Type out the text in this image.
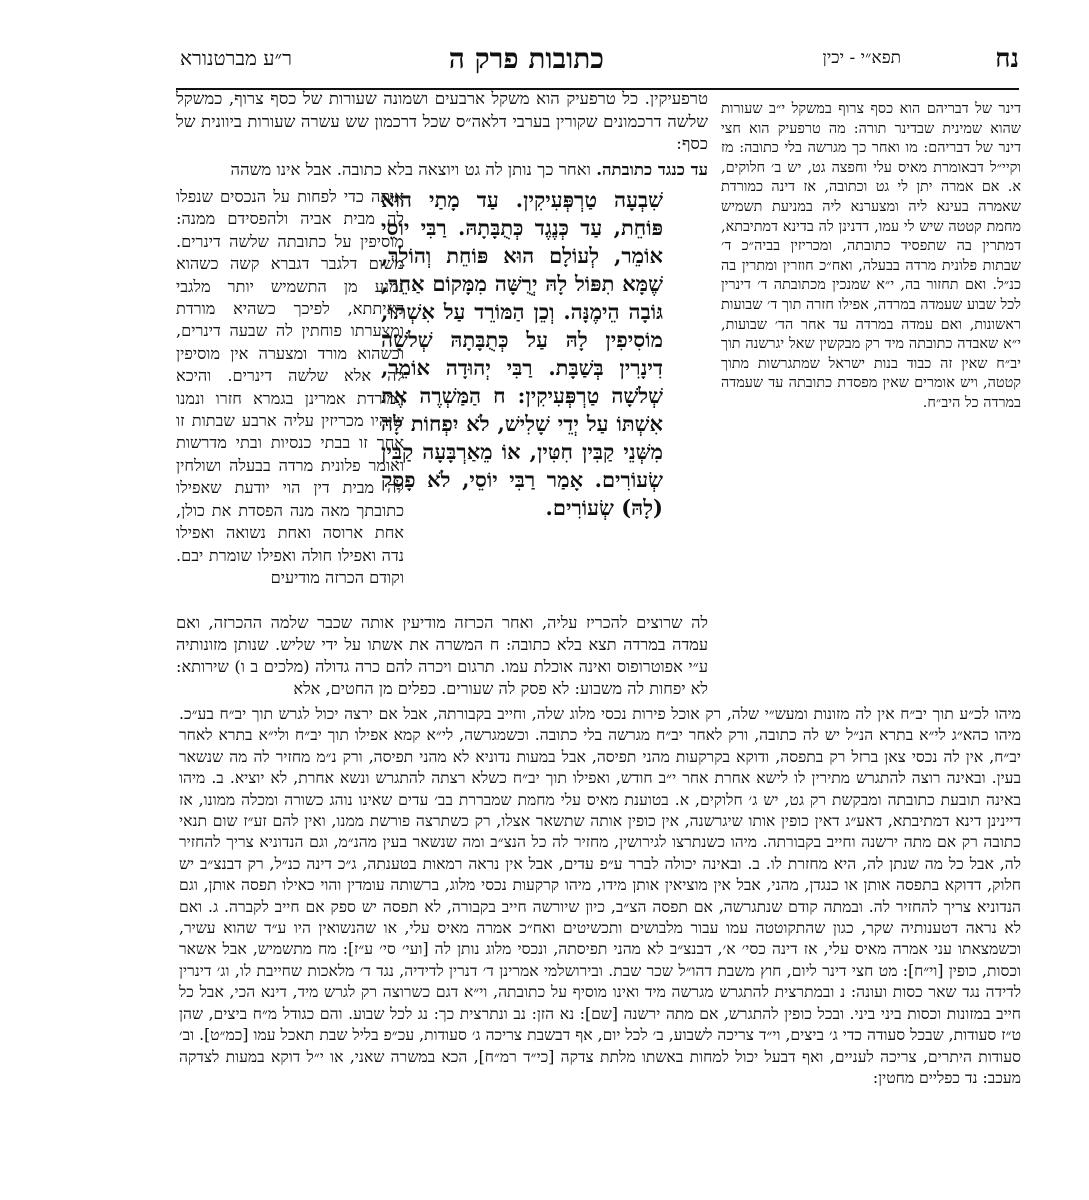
נח
תפא״י - יכין
כתובות פרק ה
ר״ע מברטנורא
דינר של דבריהם הוא כסף צרוף במשקל י״ב שעורות שהוא שמינית שבדינר תורה: מה טרפעיק הוא חצי דינר של דבריהם: מו ואחר כך מגרשה בלי כתובה: מז וקיי״ל דבאומרת מאיס עלי וחפצה גט, יש ב׳ חלוקים, א. אם אמרה יתן לי גט וכתובה, אז דינה כמורדת שאמרה בעינא ליה ומצערנא ליה במניעת תשמיש מחמת קטטה שיש לי עמו, דדנינן לה בדינא דמתיבתא, דמתרין בה שתפסיד כתובתה, ומכריזין בביה״כ ד׳ שבתות פלונית מרדה בבעלה, ואח״כ חוזרין ומתרין בה כנ״ל. ואם תחזור בה, י״א שמנכין מכתובתה ד׳ דינרין לכל שבוע שעמדה במרדה, אפילו חזרה תוך ד׳ שבועות ראשונות, ואם עמדה במרדה עד אחר הד׳ שבועות, י״א שאבדה כתובתה מיד רק מבקשין שאל יגרשנה תוך יב״ח שאין זה כבוד בנות ישראל שמתגרשות מתוך קטטה, ויש אומרים שאין מפסדת כתובתה עד שעמדה במרדה כל היב״ח.
שִׁבְעָה טַרְפְּעִיקִין. עַד מָתַי הוּא פּוֹחֵת, עַד כְּנֶגֶד כְּתֻבָּתָהּ. רַבִּי יוֹסֵי אוֹמֵר, לְעוֹלָם הוּא פּוֹחֵת וְהוֹלֵךְ, שֶׁמָּא תִפּוֹל לָהּ יְרֻשָּׁה מִמָּקוֹם אַחֵר, גּוֹבָה הֵימֶנָּה. וְכֵן הַמּוֹרֵד עַל אִשְׁתּוֹ, מוֹסִיפִין לָהּ עַל כְּתֻבָּתָהּ שְׁלֹשָׁה דִינָרִין בְּשַׁבָּת. רַבִּי יְהוּדָה אוֹמֵר, שְׁלֹשָׁה טַרְפְּעִיקִין: ח הַמַּשְׁרֶה אֶת אִשְׁתּוֹ עַל יְדֵי שָׁלִישׁ, לֹא יִפְחוֹת לָהּ מִשְּׁנֵי קַבִּין חִטִּין, אוֹ מֵאַרְבָּעָה קַבִּין שְׂעוֹרִים. אָמַר רַבִּי יוֹסֵי, לֹא פָסַק (לָהּ) שְׂעוֹרִים.
טרפעיקין. כל טרפעיק הוא משקל ארבעים ושמונה שעורות של כסף צרוף, כמשקל שלשה דרכמונים שקורין בערבי דלאה״ס שכל דרכמון שש עשרה שעורות ביוונית של כסף:
עד כנגד כתובתה. ואחר כך נותן לה גט ויוצאה בלא כתובה. אבל אינו משהה
אותה כדי לפחות על הנכסים שנפלו לה מבית אביה ולהפסידם ממנה: מוסיפין על כתובתה שלשה דינרים. משום דלגבר דגברא קשה כשהוא נמנע מן התשמיש יותר מלגבי דאיתתא, לפיכך כשהיא מורדת ומצערתו פוחתין לה שבעה דינרים, וכשהוא מורד ומצערה אין מוסיפין לה אלא שלשה דינרים. והיכא דמורדת אמרינן בגמרא חזרו ונמנו שיהיו מכריזין עליה ארבע שבתות זו אחר זו בבתי כנסיות ובתי מדרשות ואומר פלונית מרדה בבעלה ושולחין לה מבית דין הוי יודעת שאפילו כתובתך מאה מנה הפסדת את כולן, אחת ארוסה ואחת נשואה ואפילו נדה ואפילו חולה ואפילו שומרת יבם. וקודם הכרזה מודיעים
לה שרוצים להכריז עליה, ואחר הכרזה מודיעין אותה שכבר שלמה ההכרזה, ואם עמדה במרדה תצא בלא כתובה: ח המשרה את אשתו על ידי שליש. שנותן מזונותיה ע״י אפוטרופוס ואינה אוכלת עמו. תרגום ויכרה להם כרה גדולה (מלכים ב ו) שירותא: לא יפחות לה משבוע: לא פסק לה שעורים. כפלים מן החטים, אלא
מיהו לכ״ע תוך יב״ח אין לה מזונות ומעש״י שלה, רק אוכל פירות נכסי מלוג שלה, וחייב בקבורתה, אבל אם ירצה יכול לגרש תוך יב״ח בע״כ. מיהו כהא״ג לי״א בתרא הנ״ל יש לה כתובה, ורק לאחר יב״ח מגרשה בלי כתובה. וכשמגרשה, לי״א קמא אפילו תוך יב״ח ולי״א בתרא לאחר יב״ח, אין לה נכסי צאן ברזל רק בתפסה, ודוקא בקרקעות מהני תפיסה, אבל במעות נדוניא לא מהני תפיסה, ורק נ״מ מחזיר לה מה שנשאר בעין. ובאינה רוצה להתגרש מתירין לו לישא אחרת אחר י״ב חודש, ואפילו תוך יב״ח כשלא רצתה להתגרש ונשא אחרת, לא יוציא. ב. מיהו באינה תובעת כתובתה ומבקשת רק גט, יש ג׳ חלוקים, א. בטוענת מאיס עלי מחמת שמבררת בב׳ עדים שאינו נוהג כשורה ומכלה ממונו, אז דיינינן דינא דמתיבתא, דאע״ג דאין כופין אותו שיגרשנה, אין כופין אותה שתשאר אצלו, רק כשתרצה פורשת ממנו, ואין להם זע״ז שום תנאי כתובה רק אם מתה ירשנה וחייב בקבורתה. מיהו כשנתרצו לגירושין, מחזיר לה כל הנצ״ב ומה שנשאר בעין מהנ״מ, וגם הנדוניא צריך להחזיר לה, אבל כל מה שנתן לה, היא מחזרת לו. ב. ובאינה יכולה לברר ע״פ עדים, אבל אין נראה רמאות בטענתה, ג״כ דינה כנ״ל, רק דבנצ״ב יש חלוק, דדוקא בתפסה אותן או כנגדן, מהני, אבל אין מוציאין אותן מידו, מיהו קרקעות נכסי מלוג, ברשותה עומדין והוי כאילו תפסה אותן, וגם הנדוניא צריך להחזיר לה. ובמתה קודם שנתגרשה, אם תפסה הצ״ב, כיון שיורשה חייב בקבורה, לא תפסה יש ספק אם חייב לקברה. ג. ואם לא נראה דטענותיה שקר, כגון שהתקוטטה עמו עבור מלבושים ותכשיטים ואח״כ אמרה מאיס עלי, או שהנשואין היו ע״ד שהוא עשיר, וכשמצאתו עני אמרה מאיס עלי, אז דינה כסי׳ א׳, דבנצ״ב לא מהני תפיסתה, ונכסי מלוג נותן לה [ועי׳ סי׳ ע״ז]: מח מתשמיש, אבל אשאר וכסות, כופין [וי״ח]: מט חצי דינר ליום, חוץ משבת דהו״ל שכר שבת. ובירושלמי אמרינן ד׳ דנרין לדידיה, נגד ד׳ מלאכות שחייבת לו, וג׳ דינרין לדידה נגד שאר כסות ועונה: נ ובמתרצית להתגרש מגרשה מיד ואינו מוסיף על כתובתה, וי״א דגם כשרוצה רק לגרש מיד, דינא הכי, אבל כל חייב במזונות וכסות ביני ביני. ובכל כופין להתגרש, אם מתה ירשנה [שם]: נא הזן: נב ונתרצית כך: נג לכל שבוע. והם כגודל מ״ח ביצים, שהן ט״ז סעודות, שבכל סעודה כדי ג׳ ביצים, וי״ד צריכה לשבוע, ב׳ לכל יום, אף דבשבת צריכה ג׳ סעודות, עכ״פ בליל שבת תאכל עמו [כמ״ט]. וב׳ סעודות היתרים, צריכה לעניים, ואף דבעל יכול למחות באשתו מלתת צדקה [כי״ד רמ״ח], הכא במשרה שאני, או י״ל דוקא במעות לצדקה מעכב: נד כפליים מחטין:
